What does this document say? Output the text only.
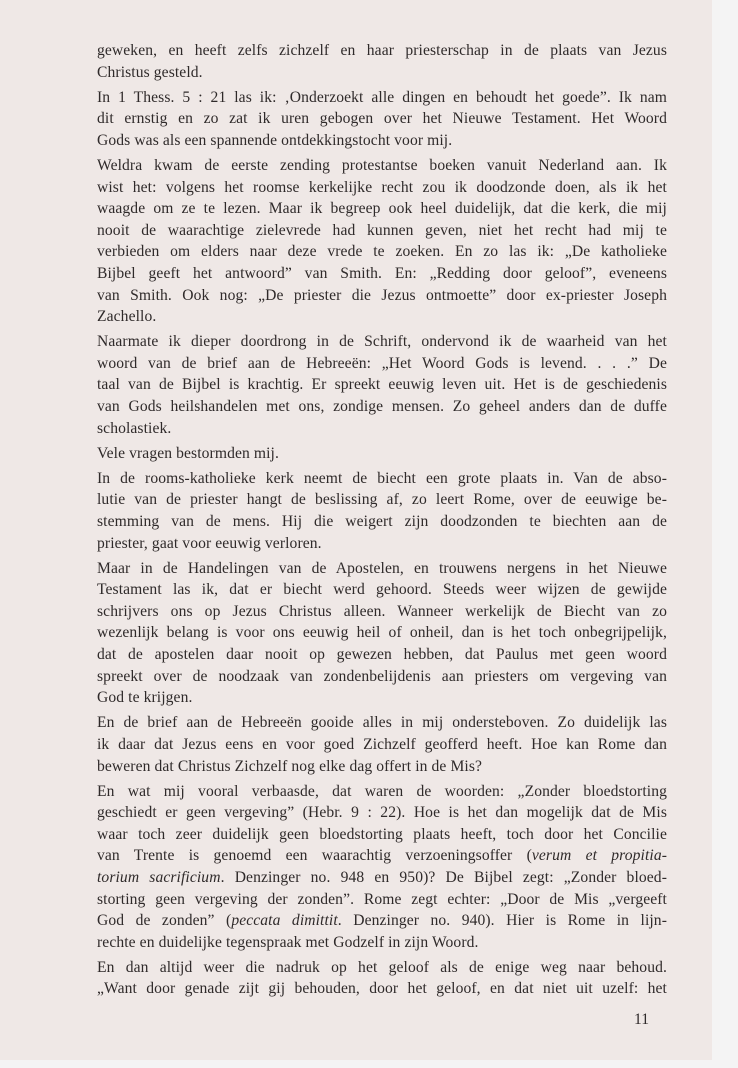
geweken, en heeft zelfs zichzelf en haar priesterschap in de plaats van Jezus
Christus gesteld.
In 1 Thess. 5 : 21 las ik: ‚Onderzoekt alle dingen en behoudt het goede”. Ik nam
dit ernstig en zo zat ik uren gebogen over het Nieuwe Testament. Het Woord
Gods was als een spannende ontdekkingstocht voor mij.
Weldra kwam de eerste zending protestantse boeken vanuit Nederland aan. Ik
wist het: volgens het roomse kerkelijke recht zou ik doodzonde doen, als ik het
waagde om ze te lezen. Maar ik begreep ook heel duidelijk, dat die kerk, die mij
nooit de waarachtige zielevrede had kunnen geven, niet het recht had mij te
verbieden om elders naar deze vrede te zoeken. En zo las ik: „De katholieke
Bijbel geeft het antwoord” van Smith. En: „Redding door geloof”, eveneens
van Smith. Ook nog: „De priester die Jezus ontmoette” door ex-priester Joseph
Zachello.
Naarmate ik dieper doordrong in de Schrift, ondervond ik de waarheid van het
woord van de brief aan de Hebreeën: „Het Woord Gods is levend. . . .” De
taal van de Bijbel is krachtig. Er spreekt eeuwig leven uit. Het is de geschiedenis
van Gods heilshandelen met ons, zondige mensen. Zo geheel anders dan de duffe
scholastiek.
Vele vragen bestormden mij.
In de rooms-katholieke kerk neemt de biecht een grote plaats in. Van de abso-
lutie van de priester hangt de beslissing af, zo leert Rome, over de eeuwige be-
stemming van de mens. Hij die weigert zijn doodzonden te biechten aan de
priester, gaat voor eeuwig verloren.
Maar in de Handelingen van de Apostelen, en trouwens nergens in het Nieuwe
Testament las ik, dat er biecht werd gehoord. Steeds weer wijzen de gewijde
schrijvers ons op Jezus Christus alleen. Wanneer werkelijk de Biecht van zo
wezenlijk belang is voor ons eeuwig heil of onheil, dan is het toch onbegrijpelijk,
dat de apostelen daar nooit op gewezen hebben, dat Paulus met geen woord
spreekt over de noodzaak van zondenbelijdenis aan priesters om vergeving van
God te krijgen.
En de brief aan de Hebreeën gooide alles in mij ondersteboven. Zo duidelijk las
ik daar dat Jezus eens en voor goed Zichzelf geofferd heeft. Hoe kan Rome dan
beweren dat Christus Zichzelf nog elke dag offert in de Mis?
En wat mij vooral verbaasde, dat waren de woorden: „Zonder bloedstorting
geschiedt er geen vergeving” (Hebr. 9 : 22). Hoe is het dan mogelijk dat de Mis
waar toch zeer duidelijk geen bloedstorting plaats heeft, toch door het Concilie
van Trente is genoemd een waarachtig verzoeningsoffer (verum et propitia-
torium sacrificium. Denzinger no. 948 en 950)? De Bijbel zegt: „Zonder bloed-
storting geen vergeving der zonden”. Rome zegt echter: „Door de Mis „vergeeft
God de zonden” (peccata dimittit. Denzinger no. 940). Hier is Rome in lijn-
rechte en duidelijke tegenspraak met Godzelf in zijn Woord.
En dan altijd weer die nadruk op het geloof als de enige weg naar behoud.
„Want door genade zijt gij behouden, door het geloof, en dat niet uit uzelf: het
11
